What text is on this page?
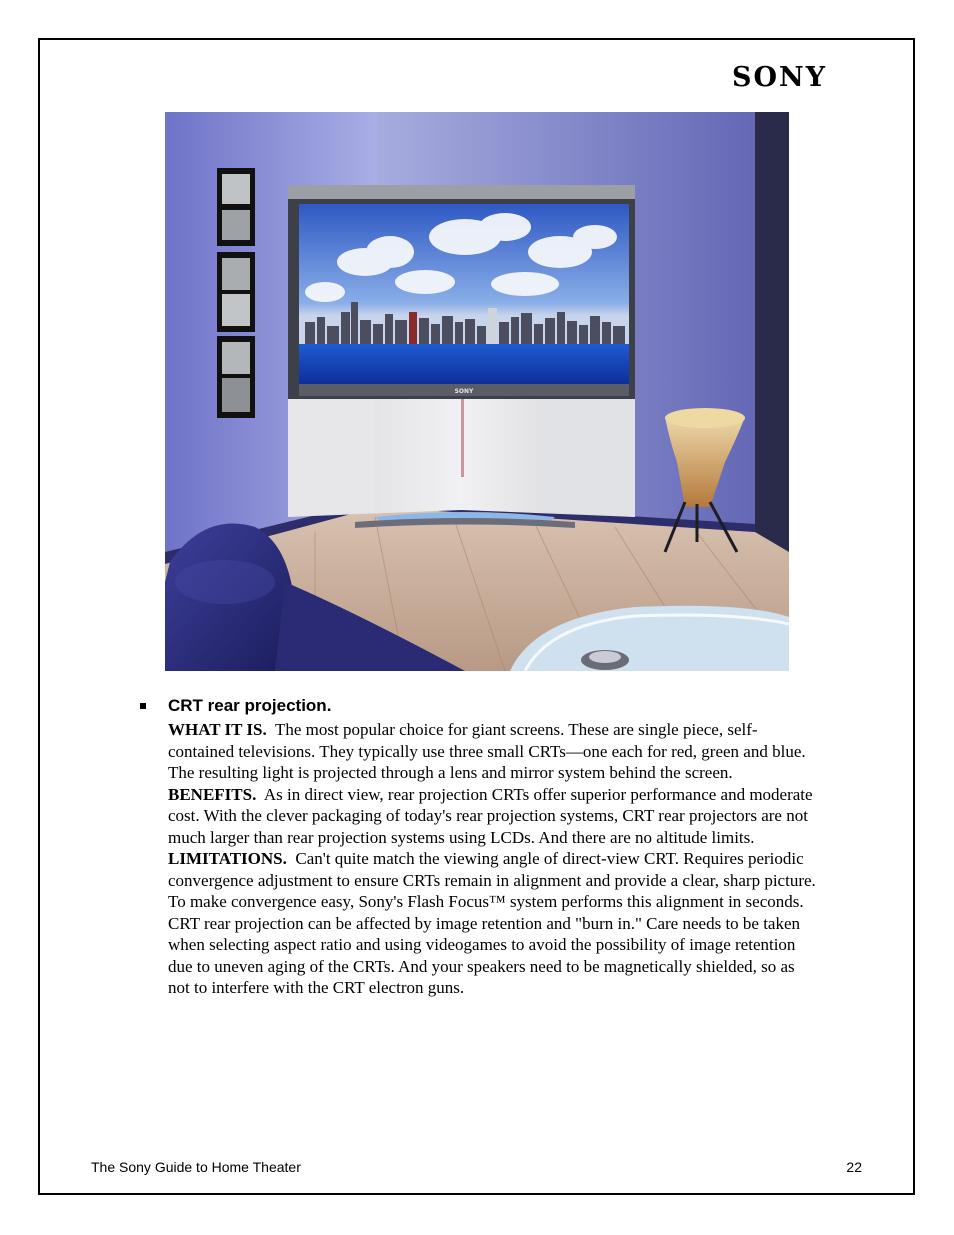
SONY
SONY
CRT rear projection.

WHAT IT IS. The most popular choice for giant screens. These are single piece, self-contained televisions. They typically use three small CRTs—one each for red, green and blue. The resulting light is projected through a lens and mirror system behind the screen.

BENEFITS. As in direct view, rear projection CRTs offer superior performance and moderate cost. With the clever packaging of today's rear projection systems, CRT rear projectors are not much larger than rear projection systems using LCDs. And there are no altitude limits.

LIMITATIONS. Can't quite match the viewing angle of direct-view CRT. Requires periodic convergence adjustment to ensure CRTs remain in alignment and provide a clear, sharp picture. To make convergence easy, Sony's Flash Focus™ system performs this alignment in seconds. CRT rear projection can be affected by image retention and "burn in." Care needs to be taken when selecting aspect ratio and using videogames to avoid the possibility of image retention due to uneven aging of the CRTs. And your speakers need to be magnetically shielded, so as not to interfere with the CRT electron guns.

The Sony Guide to Home Theater	22
